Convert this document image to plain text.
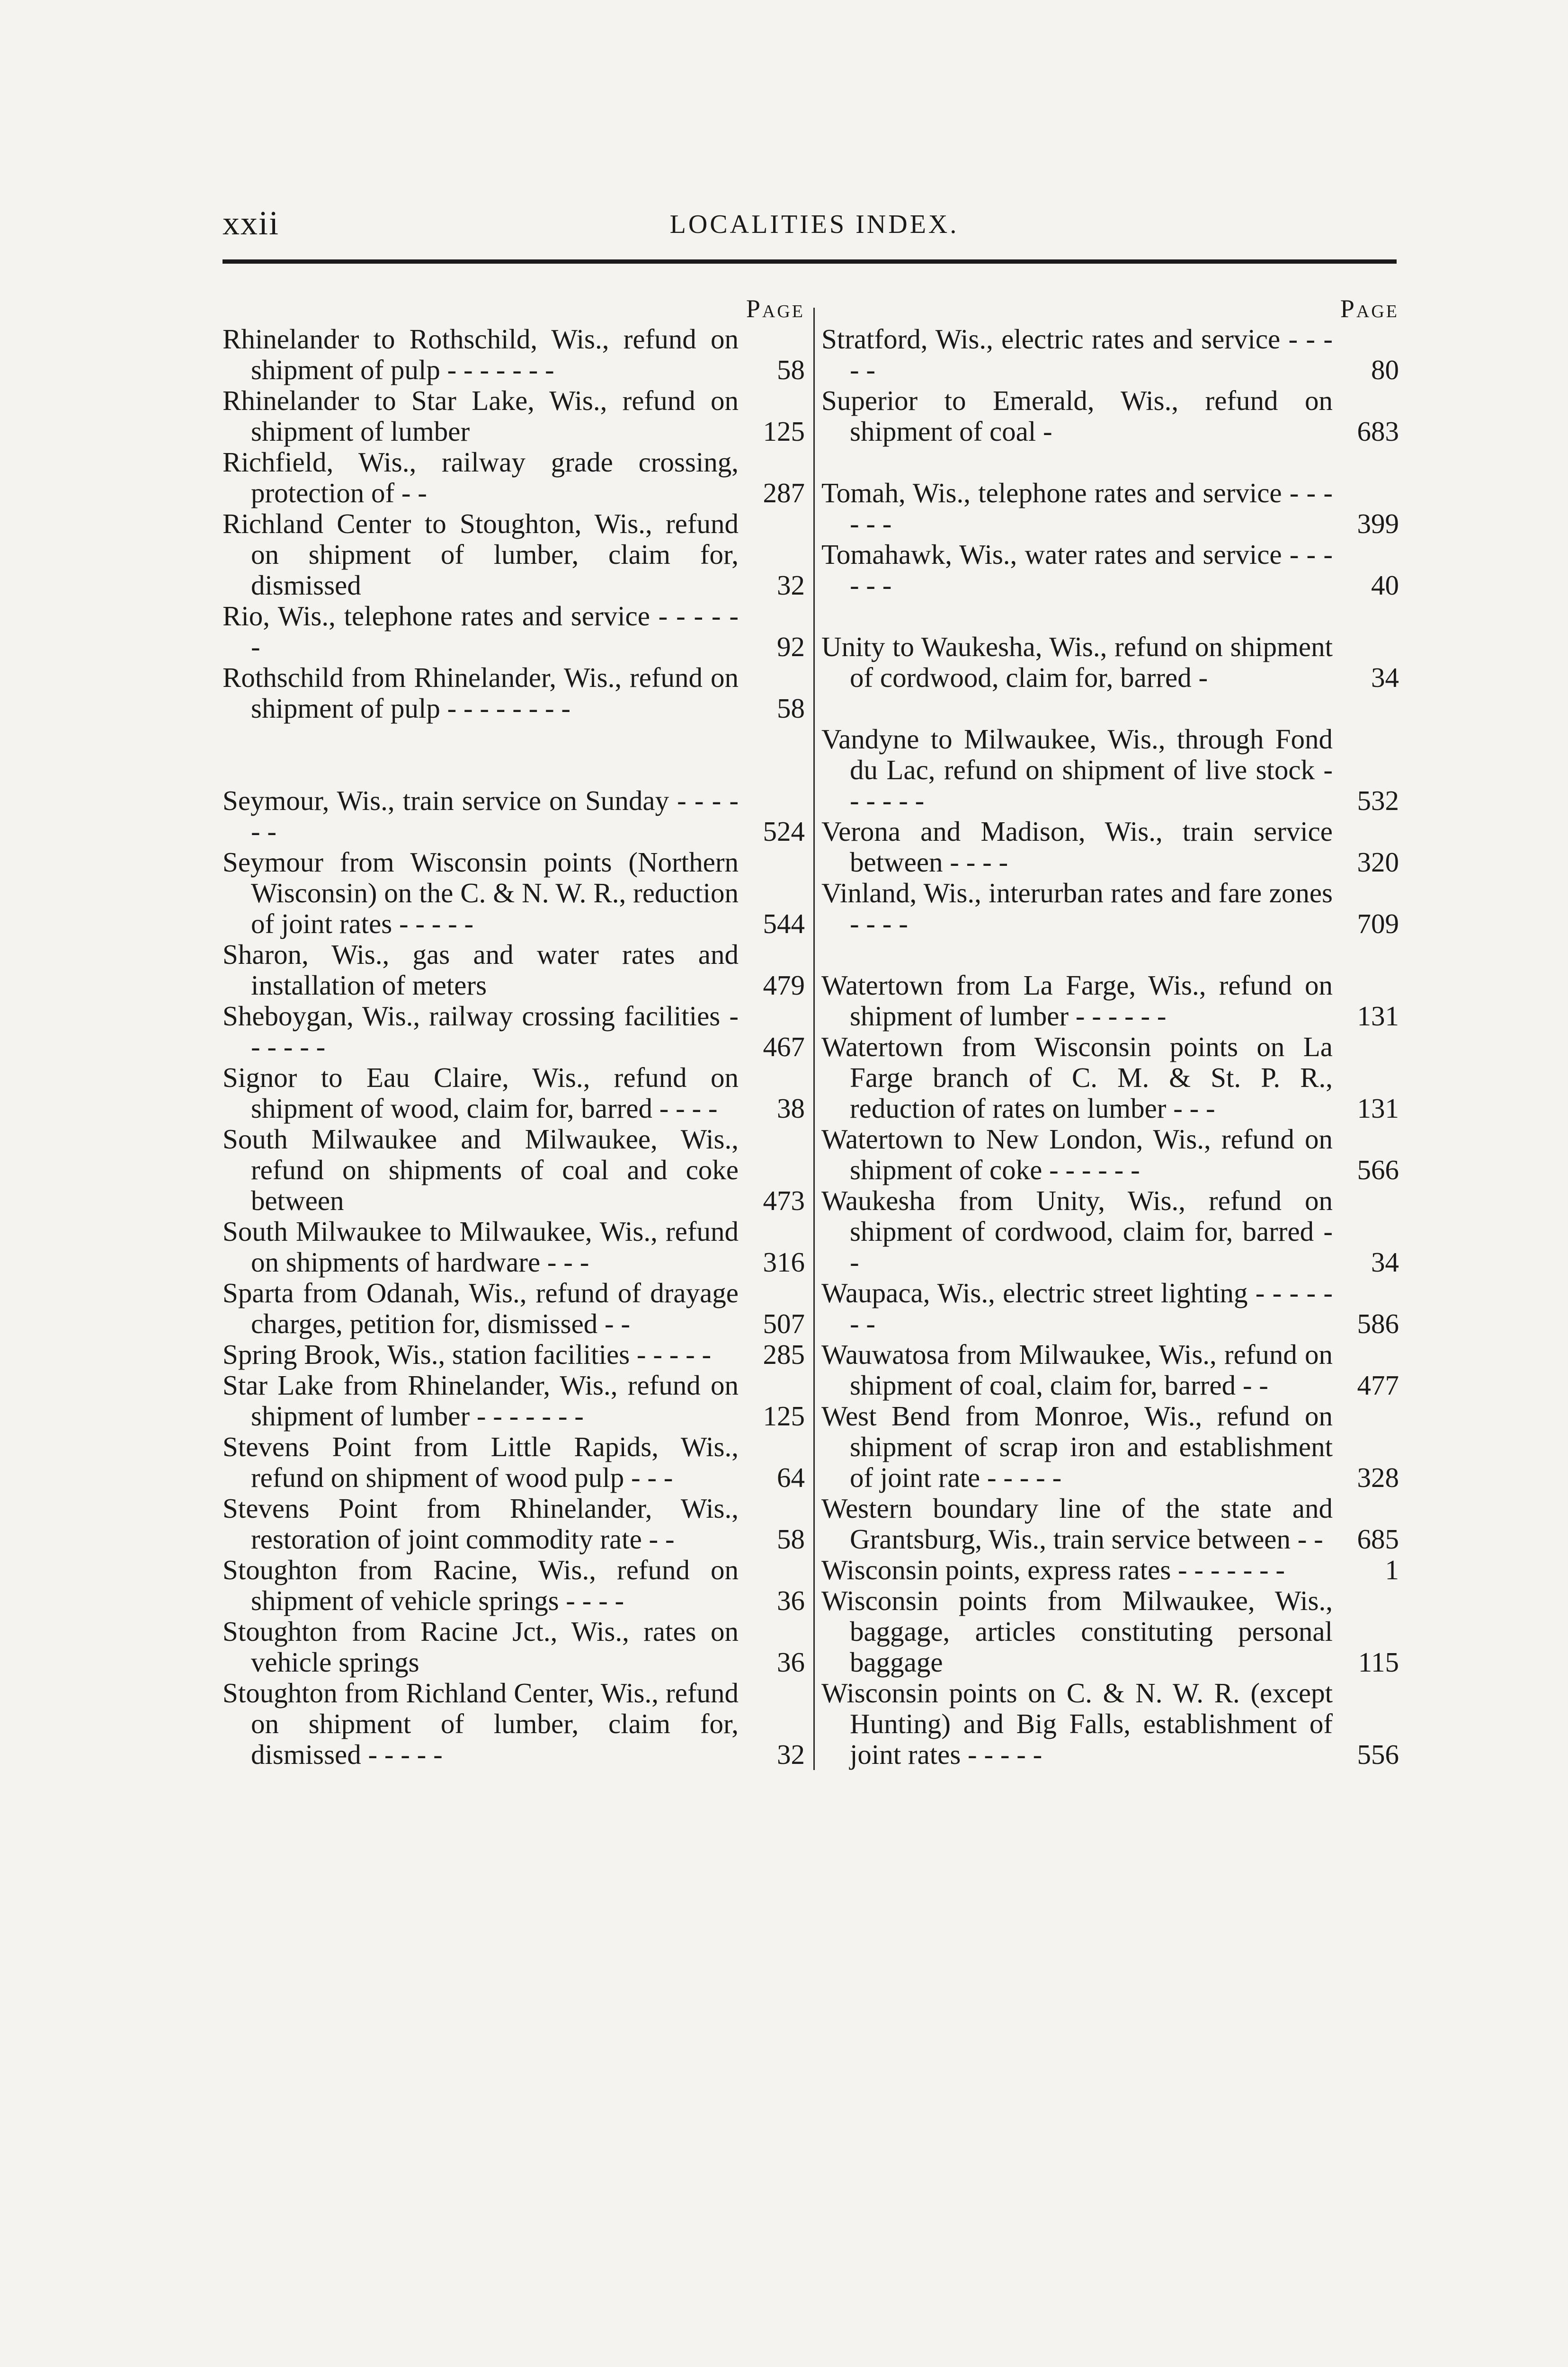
xxii	LOCALITIES INDEX.
Page
Rhinelander to Rothschild, Wis., refund on shipment of pulp - - - - - - -	58
Rhinelander to Star Lake, Wis., refund on shipment of lumber	125
Richfield, Wis., railway grade crossing, protection of - -	287
Richland Center to Stoughton, Wis., refund on shipment of lumber, claim for, dismissed	32
Rio, Wis., telephone rates and service - - - - - -	92
Rothschild from Rhinelander, Wis., refund on shipment of pulp - - - - - - - -	58
Seymour, Wis., train service on Sunday - - - - - -	524
Seymour from Wisconsin points (Northern Wisconsin) on the C. & N. W. R., reduction of joint rates - - - - -	544
Sharon, Wis., gas and water rates and installation of meters	479
Sheboygan, Wis., railway crossing facilities - - - - - -	467
Signor to Eau Claire, Wis., refund on shipment of wood, claim for, barred - - - -	38
South Milwaukee and Milwaukee, Wis., refund on shipments of coal and coke between	473
South Milwaukee to Milwaukee, Wis., refund on shipments of hardware - - -	316
Sparta from Odanah, Wis., refund of drayage charges, petition for, dismissed - -	507
Spring Brook, Wis., station facilities - - - - -	285
Star Lake from Rhinelander, Wis., refund on shipment of lumber - - - - - - -	125
Stevens Point from Little Rapids, Wis., refund on shipment of wood pulp - - -	64
Stevens Point from Rhinelander, Wis., restoration of joint commodity rate - -	58
Stoughton from Racine, Wis., refund on shipment of vehicle springs - - - -	36
Stoughton from Racine Jct., Wis., rates on vehicle springs	36
Stoughton from Richland Center, Wis., refund on shipment of lumber, claim for, dismissed - - - - -	32
Page
Stratford, Wis., electric rates and service - - - - -	80
Superior to Emerald, Wis., refund on shipment of coal -	683
Tomah, Wis., telephone rates and service - - - - - -	399
Tomahawk, Wis., water rates and service - - - - - -	40
Unity to Waukesha, Wis., refund on shipment of cordwood, claim for, barred -	34
Vandyne to Milwaukee, Wis., through Fond du Lac, refund on shipment of live stock - - - - - -	532
Verona and Madison, Wis., train service between - - - -	320
Vinland, Wis., interurban rates and fare zones - - - -	709
Watertown from La Farge, Wis., refund on shipment of lumber - - - - - -	131
Watertown from Wisconsin points on La Farge branch of C. M. & St. P. R., reduction of rates on lumber - - -	131
Watertown to New London, Wis., refund on shipment of coke - - - - - -	566
Waukesha from Unity, Wis., refund on shipment of cordwood, claim for, barred - -	34
Waupaca, Wis., electric street lighting - - - - - - -	586
Wauwatosa from Milwaukee, Wis., refund on shipment of coal, claim for, barred - -	477
West Bend from Monroe, Wis., refund on shipment of scrap iron and establishment of joint rate - - - - -	328
Western boundary line of the state and Grantsburg, Wis., train service between - -	685
Wisconsin points, express rates - - - - - - -	1
Wisconsin points from Milwaukee, Wis., baggage, articles constituting personal baggage	115
Wisconsin points on C. & N. W. R. (except Hunting) and Big Falls, establishment of joint rates - - - - -	556
